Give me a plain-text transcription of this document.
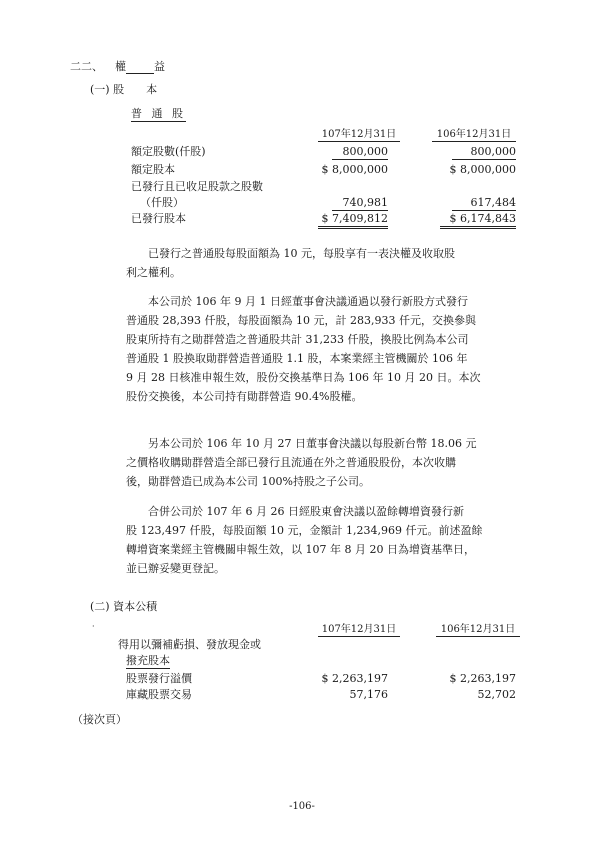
二二、 權	益
(一) 股　　本
普 通 股
107年12月31日	106年12月31日
額定股數(仟股)	800,000	800,000
額定股本	$ 8,000,000	$ 8,000,000
已發行且已收足股款之股數
（仟股）	740,981	617,484
已發行股本	$ 7,409,812	$ 6,174,843
已發行之普通股每股面額為 10 元，每股享有一表決權及收取股
利之權利。
本公司於 106 年 9 月 1 日經董事會決議通過以發行新股方式發行
普通股 28,393 仟股，每股面額為 10 元，計 283,933 仟元，交換參與
股東所持有之勛群營造之普通股共計 31,233 仟股，換股比例為本公司
普通股 1 股換取勛群營造普通股 1.1 股，本案業經主管機關於 106 年
9 月 28 日核准申報生效，股份交換基準日為 106 年 10 月 20 日。本次
股份交換後，本公司持有勛群營造 90.4%股權。
另本公司於 106 年 10 月 27 日董事會決議以每股新台幣 18.06 元
之價格收購勛群營造全部已發行且流通在外之普通股股份，本次收購
後，勛群營造已成為本公司 100%持股之子公司。
合併公司於 107 年 6 月 26 日經股東會決議以盈餘轉增資發行新
股 123,497 仟股，每股面額 10 元，金額計 1,234,969 仟元。前述盈餘
轉增資案業經主管機關申報生效，以 107 年 8 月 20 日為增資基準日，
並已辦妥變更登記。
(二) 資本公積
·	107年12月31日	106年12月31日
得用以彌補虧損、發放現金或
撥充股本
股票發行溢價	$ 2,263,197	$ 2,263,197
庫藏股票交易	57,176	52,702
（接次頁）
-106-
